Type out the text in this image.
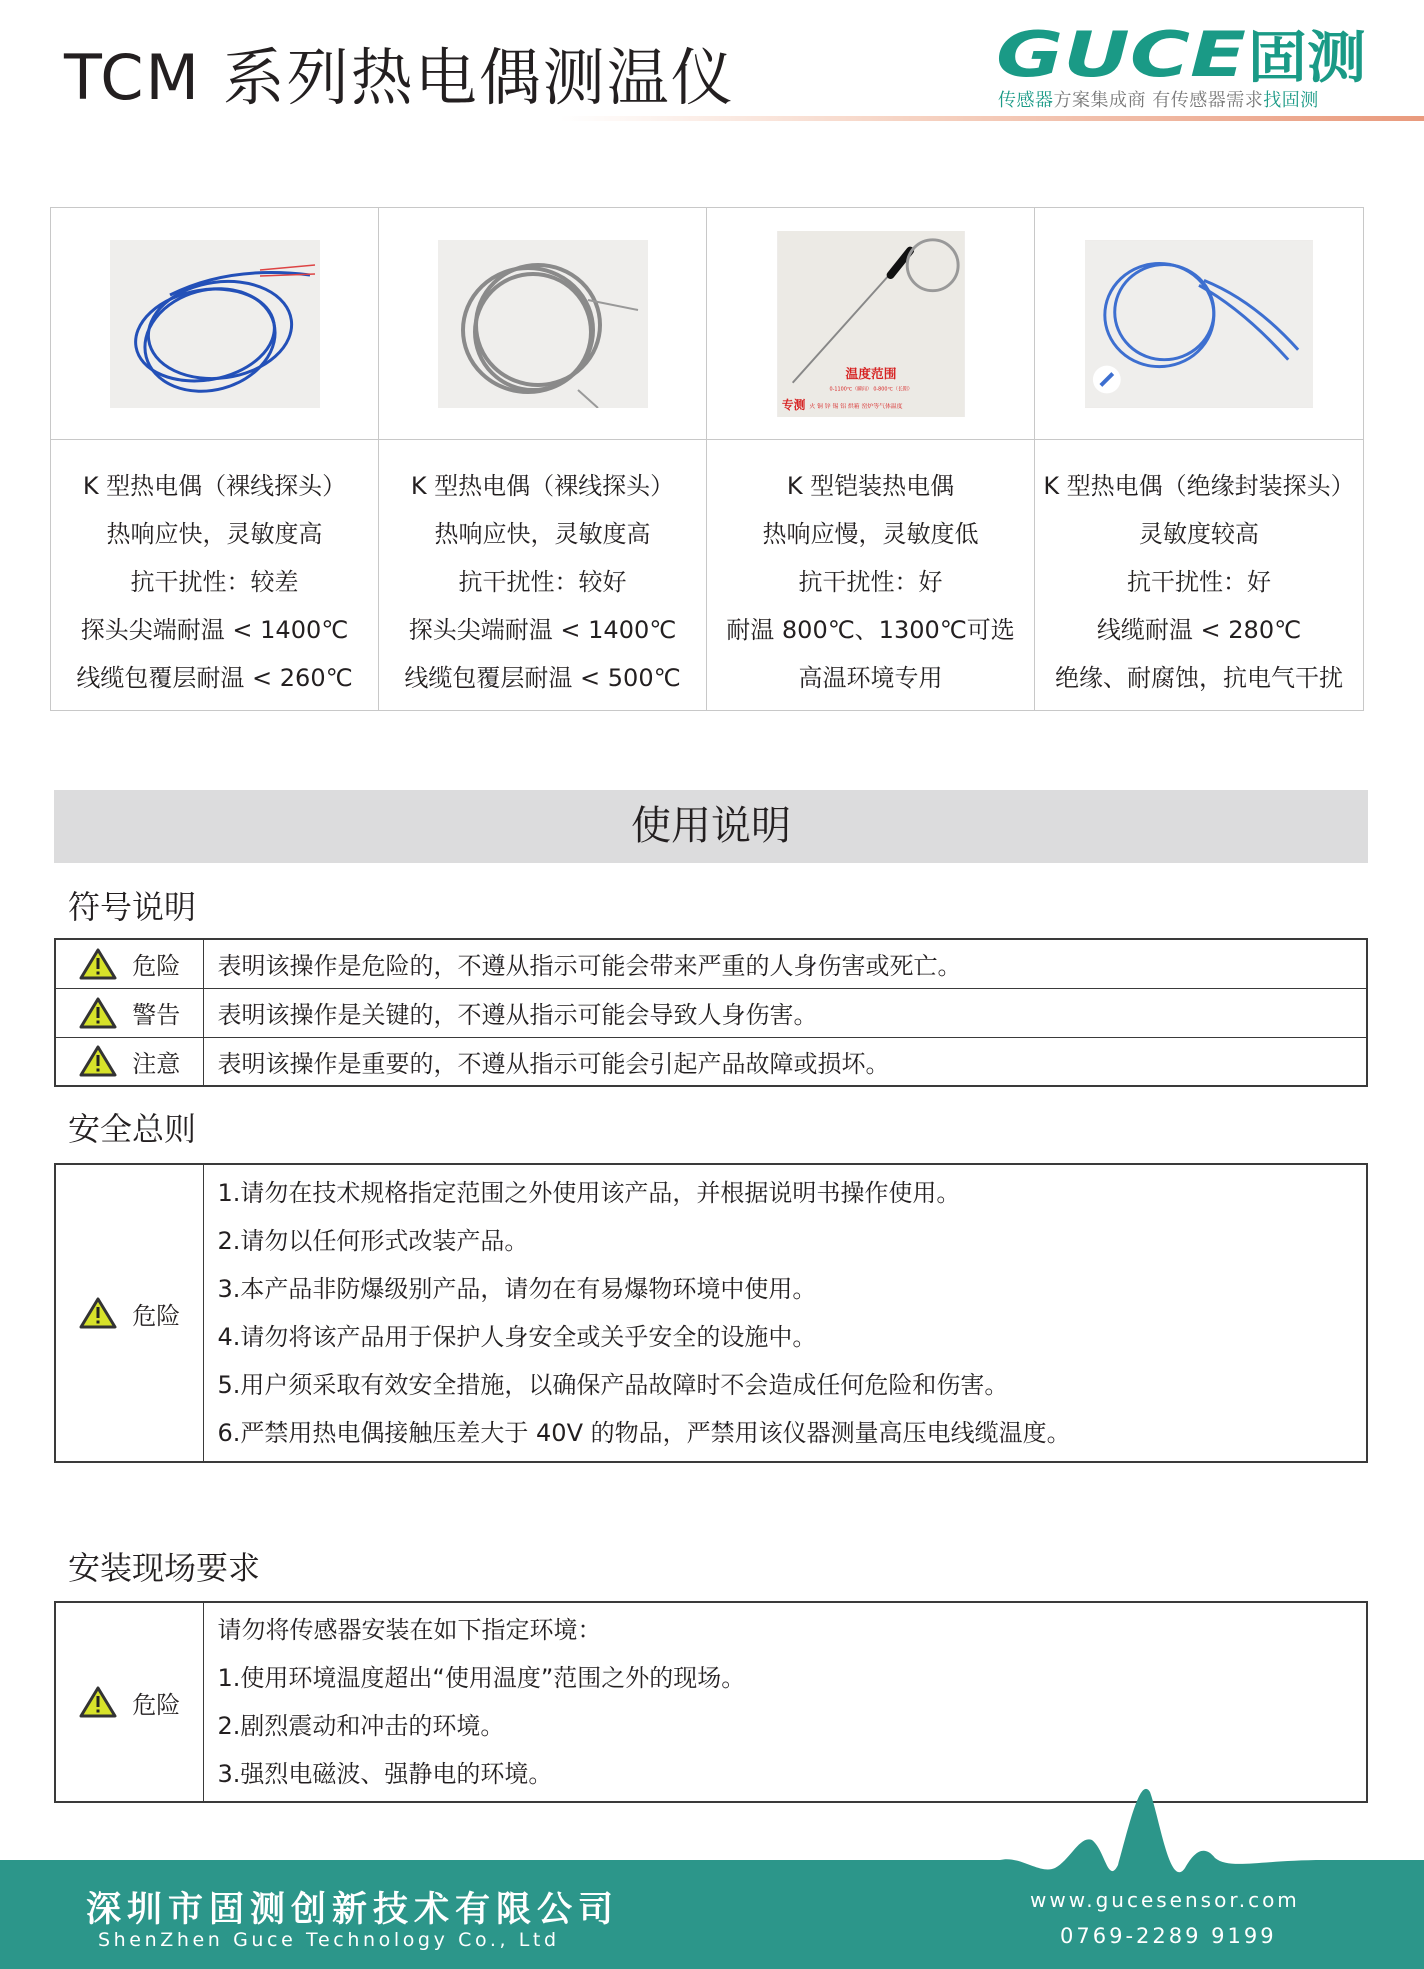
TCM 系列热电偶测温仪	GUCE 固测
传感器方案集成商 有传感器需求找固测
温度范围
0-1100℃（瞬间） 0-800℃（长期）
专测 火 铜 锌 锡 铝 烘箱 窑炉等气体温度
K 型热电偶（裸线探头）
热响应快，灵敏度高
抗干扰性：较差
探头尖端耐温 < 1400℃
线缆包覆层耐温 < 260℃
K 型热电偶（裸线探头）
热响应快，灵敏度高
抗干扰性：较好
探头尖端耐温 < 1400℃
线缆包覆层耐温 < 500℃
K 型铠装热电偶
热响应慢，灵敏度低
抗干扰性：好
耐温 800℃、1300℃可选
高温环境专用
K 型热电偶（绝缘封装探头）
灵敏度较高
抗干扰性：好
线缆耐温 < 280℃
绝缘、耐腐蚀，抗电气干扰
使用说明
符号说明
危险	表明该操作是危险的，不遵从指示可能会带来严重的人身伤害或死亡。
警告	表明该操作是关键的，不遵从指示可能会导致人身伤害。
注意	表明该操作是重要的，不遵从指示可能会引起产品故障或损坏。
安全总则
危险	
1.请勿在技术规格指定范围之外使用该产品，并根据说明书操作使用。
2.请勿以任何形式改装产品。
3.本产品非防爆级别产品，请勿在有易爆物环境中使用。
4.请勿将该产品用于保护人身安全或关乎安全的设施中。
5.用户须采取有效安全措施，以确保产品故障时不会造成任何危险和伤害。
6.严禁用热电偶接触压差大于 40V 的物品，严禁用该仪器测量高压电线缆温度。
安装现场要求
危险	
请勿将传感器安装在如下指定环境：
1.使用环境温度超出“使用温度”范围之外的现场。
2.剧烈震动和冲击的环境。
3.强烈电磁波、强静电的环境。
深圳市固测创新技术有限公司
ShenZhen Guce Technology Co., Ltd
www.gucesensor.com
0769-2289 9199
